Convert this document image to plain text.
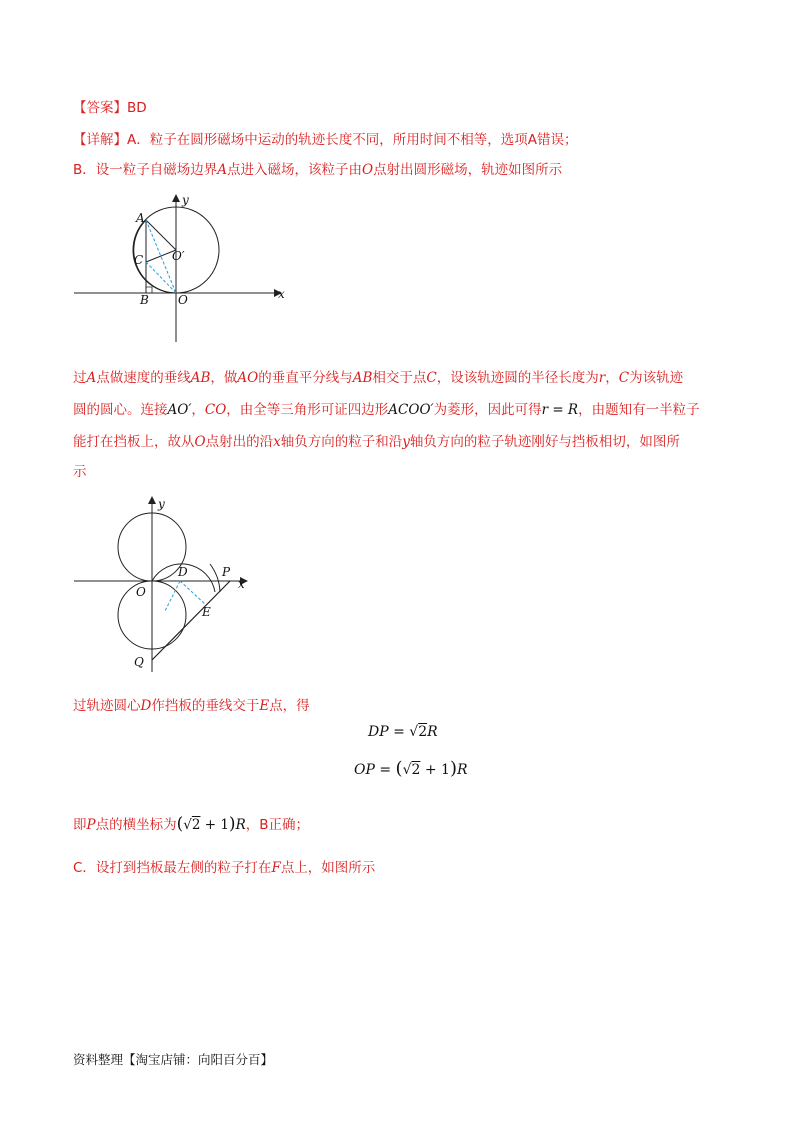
【答案】BD
【详解】A．粒子在圆形磁场中运动的轨迹长度不同，所用时间不相等，选项A错误；
B．设一粒子自磁场边界A点进入磁场，该粒子由O点射出圆形磁场，轨迹如图所示
y
x
A
C O′
B O
过A点做速度的垂线AB，做AO的垂直平分线与AB相交于点C，设该轨迹圆的半径长度为r，C为该轨迹
圆的圆心。连接AO′，CO，由全等三角形可证四边形ACOO′为菱形，因此可得r = R，由题知有一半粒子
能打在挡板上，故从O点射出的沿x轴负方向的粒子和沿y轴负方向的粒子轨迹刚好与挡板相切，如图所
示
y
x
D	P
O
E
Q
过轨迹圆心D作挡板的垂线交于E点，得
DP = √2R
OP = (√2 + 1)R
即P点的横坐标为(√2 + 1)R，B正确；
C．设打到挡板最左侧的粒子打在F点上，如图所示
资料整理【淘宝店铺：向阳百分百】
